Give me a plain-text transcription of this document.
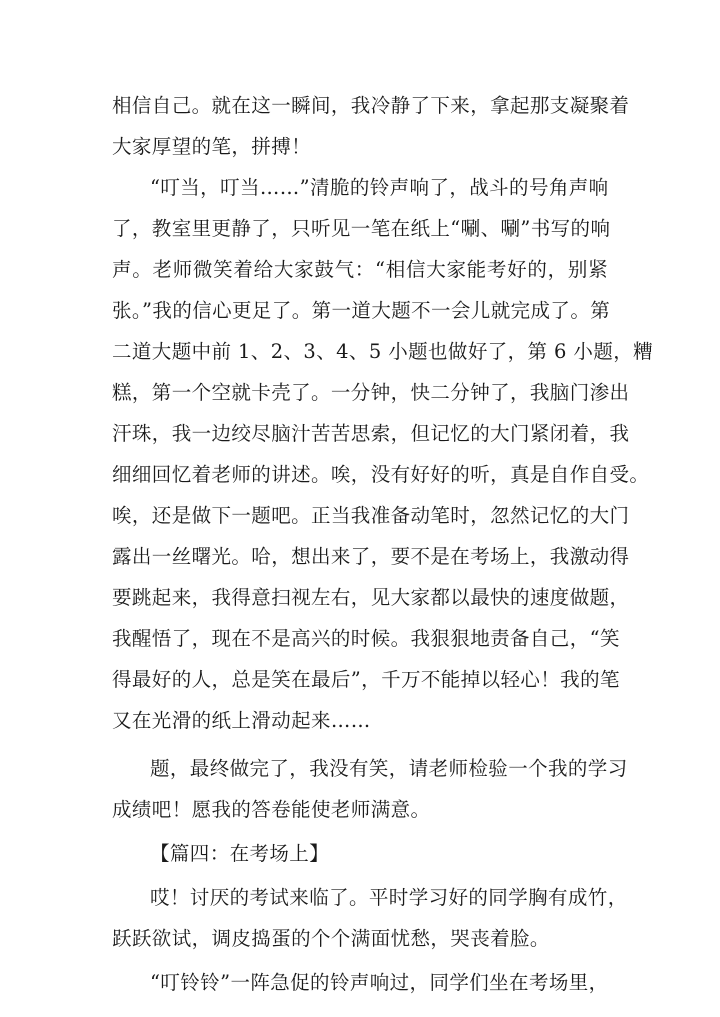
相信自己。就在这一瞬间，我冷静了下来，拿起那支凝聚着
大家厚望的笔，拼搏！
“叮当，叮当……”清脆的铃声响了，战斗的号角声响
了，教室里更静了，只听见一笔在纸上“唰、唰”书写的响
声。老师微笑着给大家鼓气：“相信大家能考好的，别紧
张。”我的信心更足了。第一道大题不一会儿就完成了。第
二道大题中前 1、2、3、4、5 小题也做好了，第 6 小题，糟
糕，第一个空就卡壳了。一分钟，快二分钟了，我脑门渗出
汗珠，我一边绞尽脑汁苦苦思索，但记忆的大门紧闭着，我
细细回忆着老师的讲述。唉，没有好好的听，真是自作自受。
唉，还是做下一题吧。正当我准备动笔时，忽然记忆的大门
露出一丝曙光。哈，想出来了，要不是在考场上，我激动得
要跳起来，我得意扫视左右，见大家都以最快的速度做题，
我醒悟了，现在不是高兴的时候。我狠狠地责备自己，“笑
得最好的人，总是笑在最后”，千万不能掉以轻心！我的笔
又在光滑的纸上滑动起来……
题，最终做完了，我没有笑，请老师检验一个我的学习
成绩吧！愿我的答卷能使老师满意。
【篇四：在考场上】
哎！讨厌的考试来临了。平时学习好的同学胸有成竹，
跃跃欲试，调皮捣蛋的个个满面忧愁，哭丧着脸。
“叮铃铃”一阵急促的铃声响过，同学们坐在考场里，
